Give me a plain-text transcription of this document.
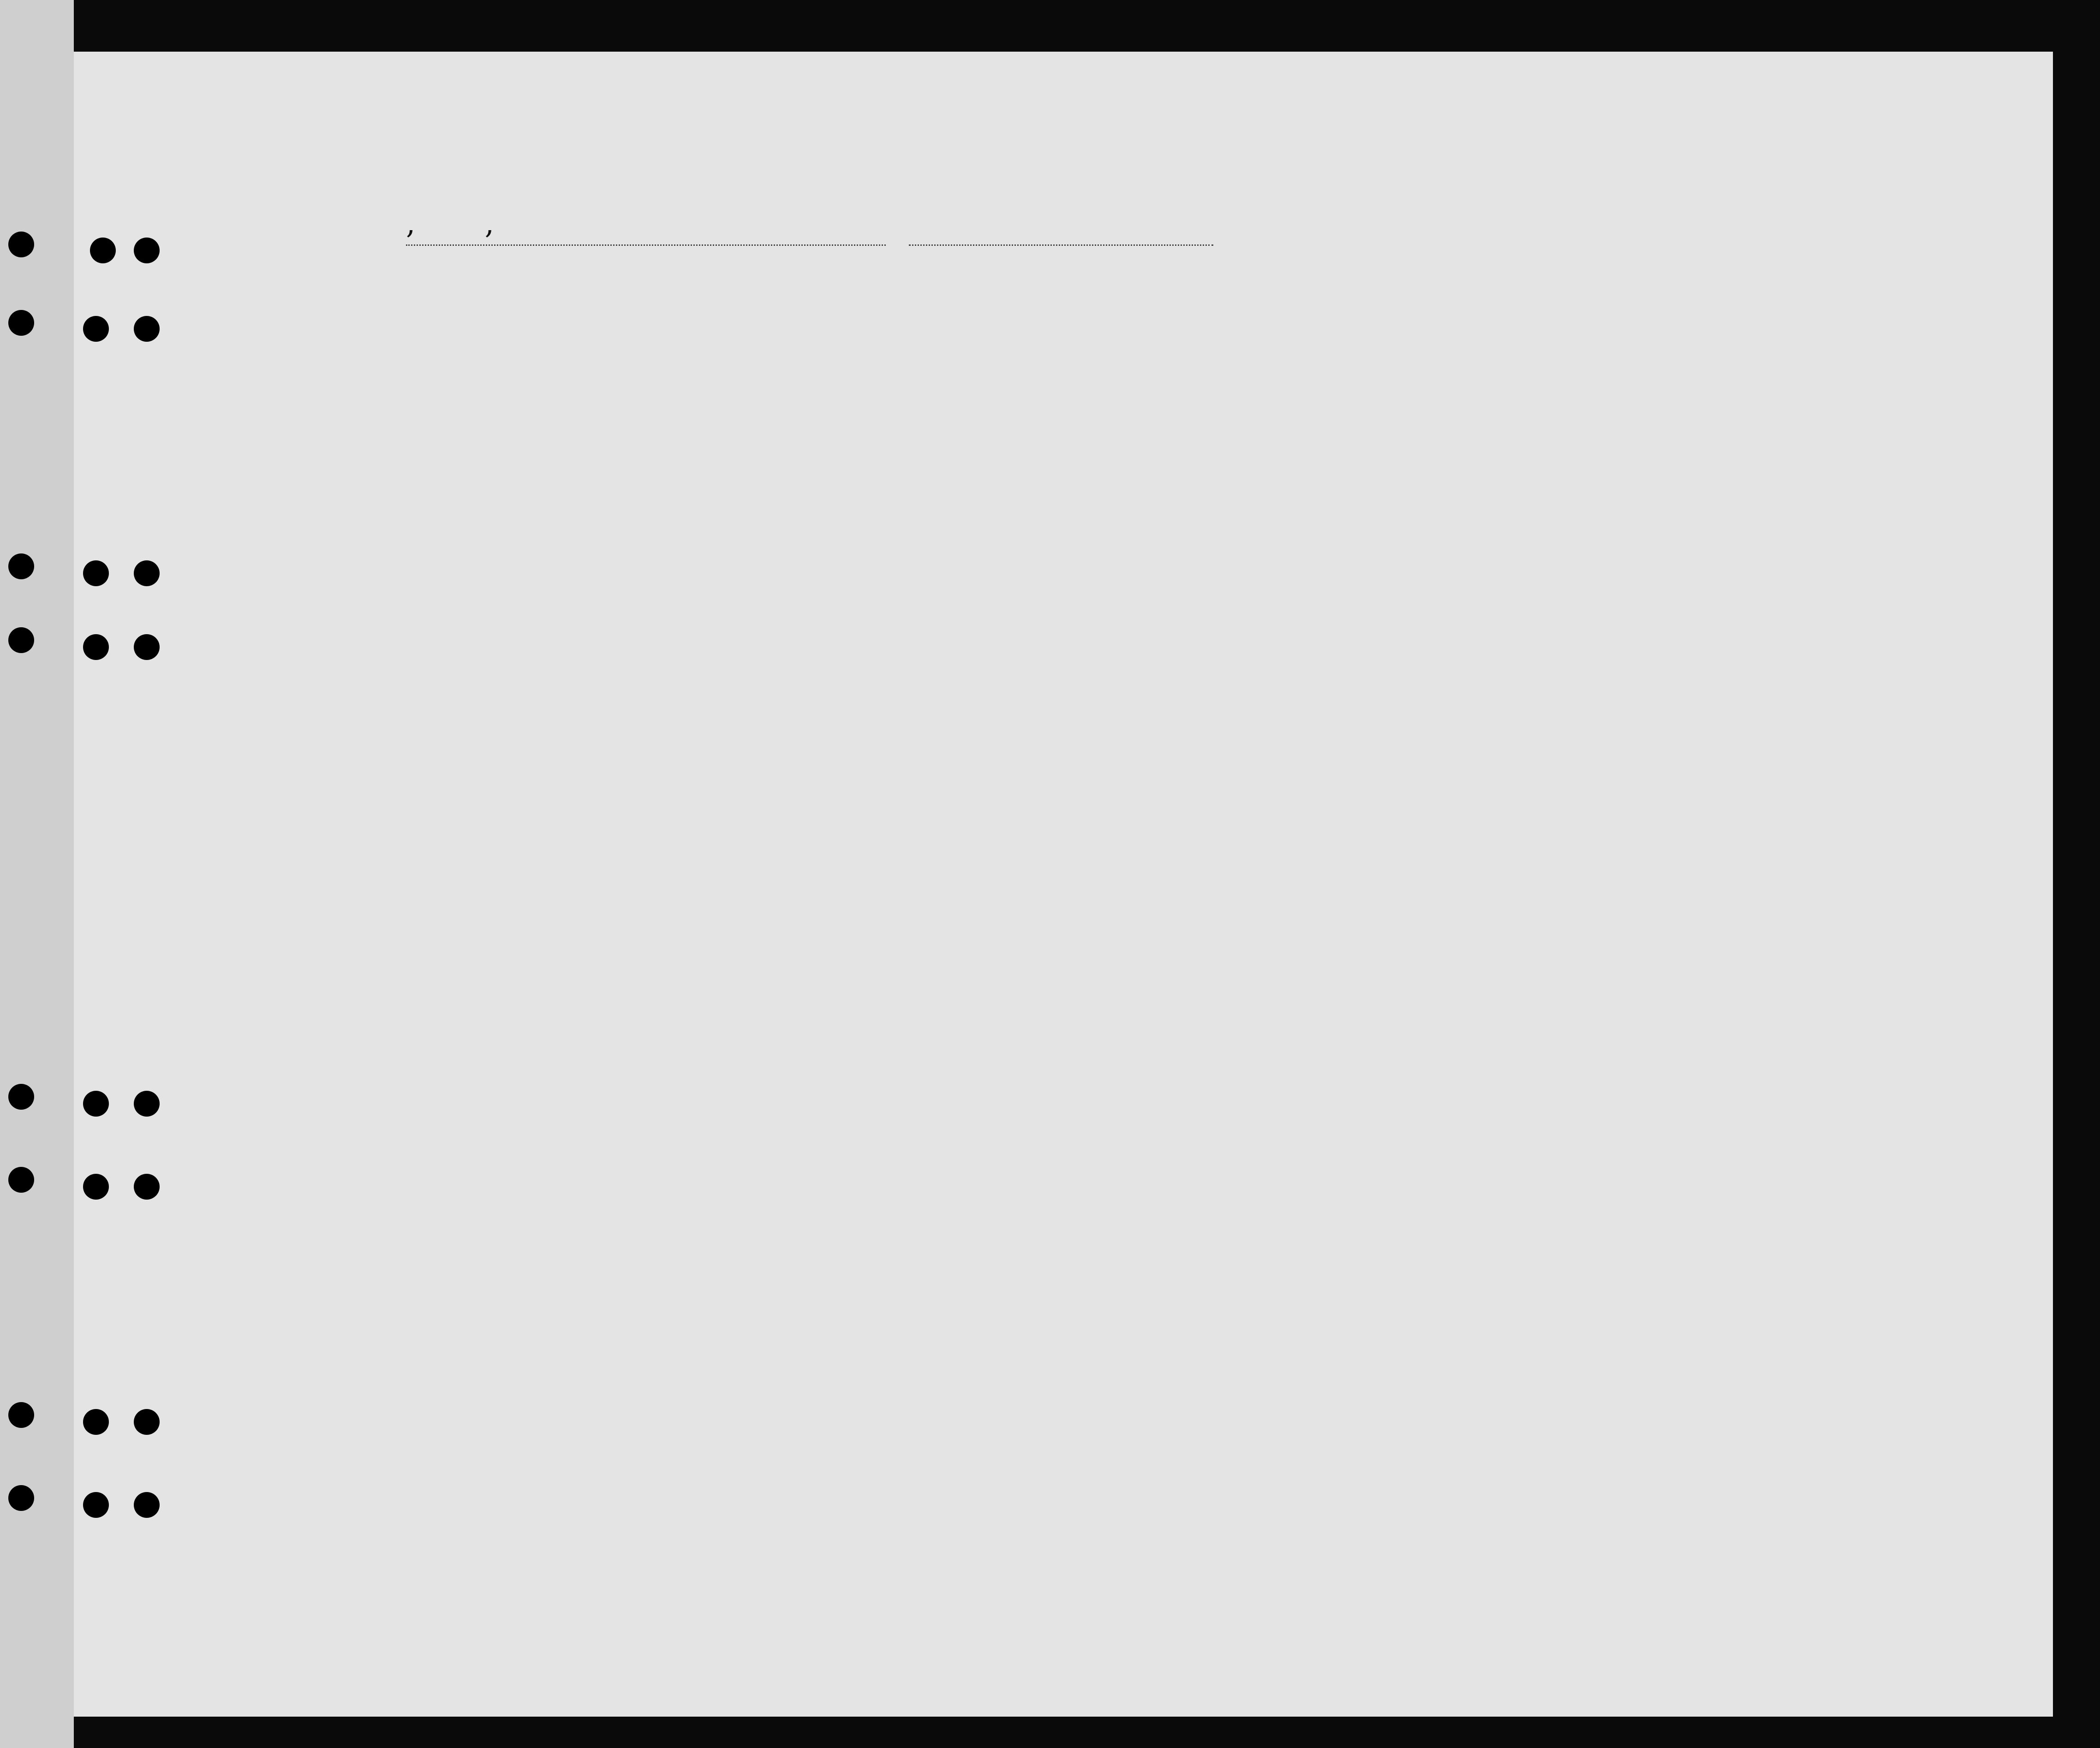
, ,
